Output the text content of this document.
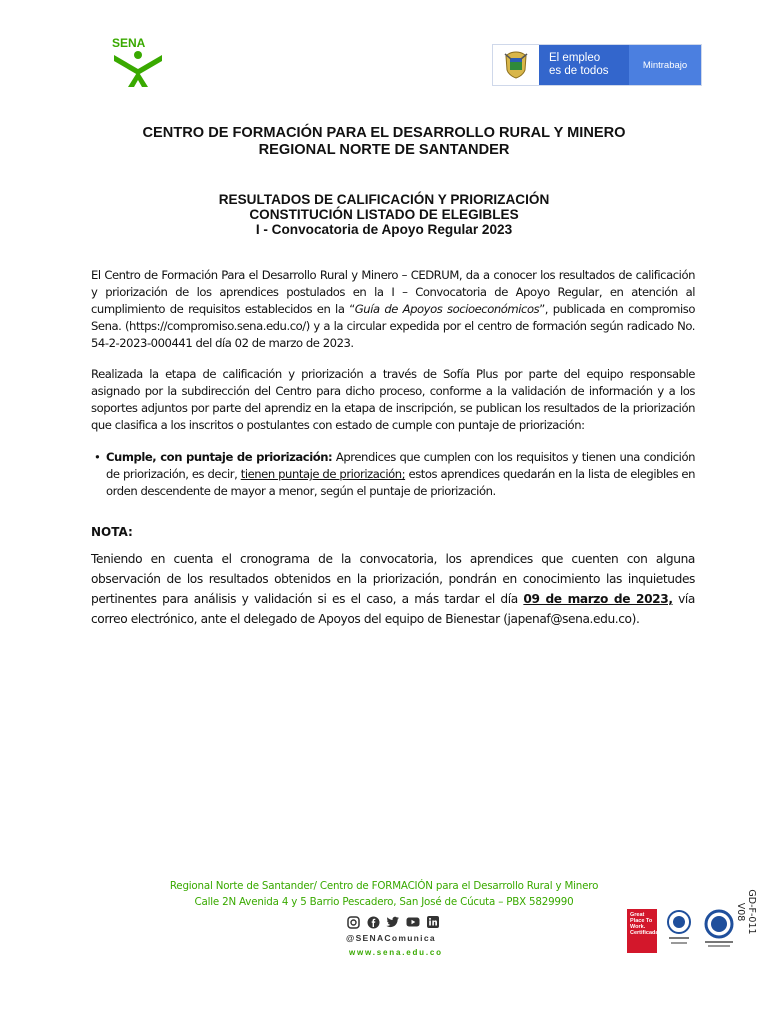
SENA
El empleo
es de todos	Mintrabajo
CENTRO DE FORMACIÓN PARA EL DESARROLLO RURAL Y MINERO
REGIONAL NORTE DE SANTANDER
RESULTADOS DE CALIFICACIÓN Y PRIORIZACIÓN
CONSTITUCIÓN LISTADO DE ELEGIBLES
I - Convocatoria de Apoyo Regular 2023
El Centro de Formación Para el Desarrollo Rural y Minero – CEDRUM, da a conocer los resultados de calificación y priorización de los aprendices postulados en la I – Convocatoria de Apoyo Regular, en atención al cumplimiento de requisitos establecidos en la “Guía de Apoyos socioeconómicos”, publicada en compromiso Sena. (https://compromiso.sena.edu.co/) y a la circular expedida por el centro de formación según radicado No. 54-2-2023-000441 del día 02 de marzo de 2023.
Realizada la etapa de calificación y priorización a través de Sofía Plus por parte del equipo responsable asignado por la subdirección del Centro para dicho proceso, conforme a la validación de información y a los soportes adjuntos por parte del aprendiz en la etapa de inscripción, se publican los resultados de la priorización que clasifica a los inscritos o postulantes con estado de cumple con puntaje de priorización:
• Cumple, con puntaje de priorización: Aprendices que cumplen con los requisitos y tienen una condición de priorización, es decir, tienen puntaje de priorización; estos aprendices quedarán en la lista de elegibles en orden descendente de mayor a menor, según el puntaje de priorización.
NOTA:
Teniendo en cuenta el cronograma de la convocatoria, los aprendices que cuenten con alguna observación de los resultados obtenidos en la priorización, pondrán en conocimiento las inquietudes pertinentes para análisis y validación si es el caso, a más tardar el día 09 de marzo de 2023, vía correo electrónico, ante el delegado de Apoyos del equipo de Bienestar (japenaf@sena.edu.co).
Regional Norte de Santander/ Centro de FORMACIÓN para el Desarrollo Rural y Minero
Calle 2N Avenida 4 y 5 Barrio Pescadero, San José de Cúcuta – PBX 5829990
@SENAComunica
www.sena.edu.co
Great Place To Work. Certificada	GD-F-011 V08
